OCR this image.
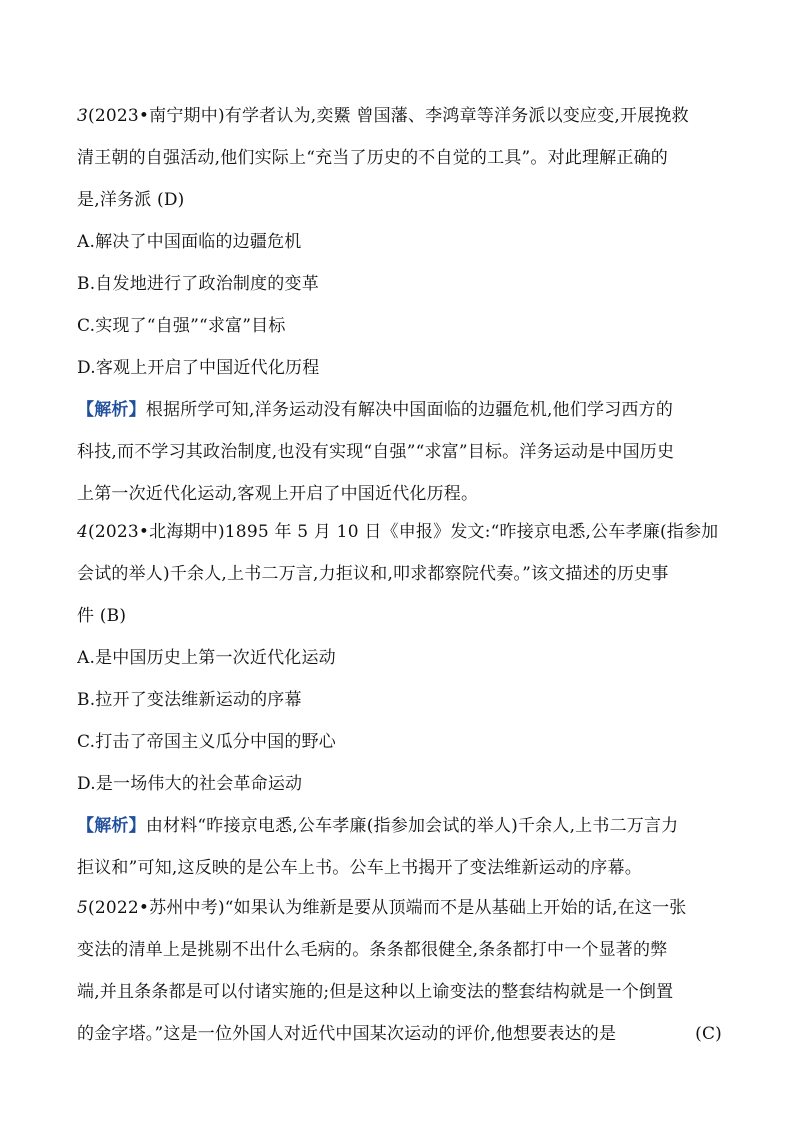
3(2023•南宁期中)有学者认为,奕鱀 曾国藩、李鸿章等洋务派以变应变,开展挽救
清王朝的自强活动,他们实际上“充当了历史的不自觉的工具”。对此理解正确的
是,洋务派 (D)
A.解决了中国面临的边疆危机
B.自发地进行了政治制度的变革
C.实现了“自强”“求富”目标
D.客观上开启了中国近代化历程
【解析】根据所学可知,洋务运动没有解决中国面临的边疆危机,他们学习西方的
科技,而不学习其政治制度,也没有实现“自强”“求富”目标。洋务运动是中国历史
上第一次近代化运动,客观上开启了中国近代化历程。
4(2023•北海期中)1895 年 5 月 10 日《申报》发文:“昨接京电悉,公车孝廉(指参加
会试的举人)千余人,上书二万言,力拒议和,叩求都察院代奏。”该文描述的历史事
件 (B)
A.是中国历史上第一次近代化运动
B.拉开了变法维新运动的序幕
C.打击了帝国主义瓜分中国的野心
D.是一场伟大的社会革命运动
【解析】由材料“昨接京电悉,公车孝廉(指参加会试的举人)千余人,上书二万言力
拒议和”可知,这反映的是公车上书。公车上书揭开了变法维新运动的序幕。
5(2022•苏州中考)“如果认为维新是要从顶端而不是从基础上开始的话,在这一张
变法的清单上是挑剔不出什么毛病的。条条都很健全,条条都打中一个显著的弊
端,并且条条都是可以付诸实施的;但是这种以上谕变法的整套结构就是一个倒置
的金字塔。”这是一位外国人对近代中国某次运动的评价,他想要表达的是	(C)
